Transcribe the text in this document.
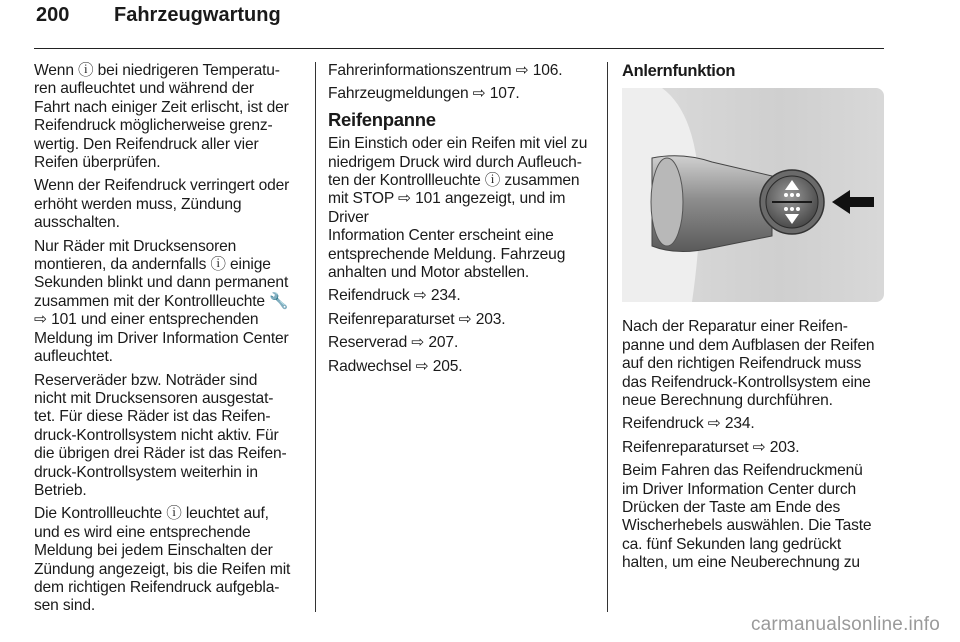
200 Fahrzeugwartung

Wenn ⓘ bei niedrigeren Temperatu-
ren aufleuchtet und während der
Fahrt nach einiger Zeit erlischt, ist der
Reifendruck möglicherweise grenz-
wertig. Den Reifendruck aller vier
Reifen überprüfen.

Wenn der Reifendruck verringert oder
erhöht werden muss, Zündung
ausschalten.

Nur Räder mit Drucksensoren
montieren, da andernfalls ⓘ einige
Sekunden blinkt und dann permanent
zusammen mit der Kontrollleuchte 🔧
⇨ 101 und einer entsprechenden
Meldung im Driver Information Center
aufleuchtet.

Reserveräder bzw. Noträder sind
nicht mit Drucksensoren ausgestat-
tet. Für diese Räder ist das Reifen-
druck-Kontrollsystem nicht aktiv. Für
die übrigen drei Räder ist das Reifen-
druck-Kontrollsystem weiterhin in
Betrieb.

Die Kontrollleuchte ⓘ leuchtet auf,
und es wird eine entsprechende
Meldung bei jedem Einschalten der
Zündung angezeigt, bis die Reifen mit
dem richtigen Reifendruck aufgebla-
sen sind.

Fahrerinformationszentrum ⇨ 106.

Fahrzeugmeldungen ⇨ 107.

Reifenpanne

Ein Einstich oder ein Reifen mit viel zu
niedrigem Druck wird durch Aufleuch-
ten der Kontrollleuchte ⓘ zusammen
mit STOP ⇨ 101 angezeigt, und im Driver
Information Center erscheint eine
entsprechende Meldung. Fahrzeug
anhalten und Motor abstellen.

Reifendruck ⇨ 234.

Reifenreparaturset ⇨ 203.

Reserverad ⇨ 207.

Radwechsel ⇨ 205.

Anlernfunktion

Nach der Reparatur einer Reifen-
panne und dem Aufblasen der Reifen
auf den richtigen Reifendruck muss
das Reifendruck-Kontrollsystem eine
neue Berechnung durchführen.

Reifendruck ⇨ 234.

Reifenreparaturset ⇨ 203.

Beim Fahren das Reifendruckmenü
im Driver Information Center durch
Drücken der Taste am Ende des
Wischerhebels auswählen. Die Taste
ca. fünf Sekunden lang gedrückt
halten, um eine Neuberechnung zu

carmanualsonline.info
